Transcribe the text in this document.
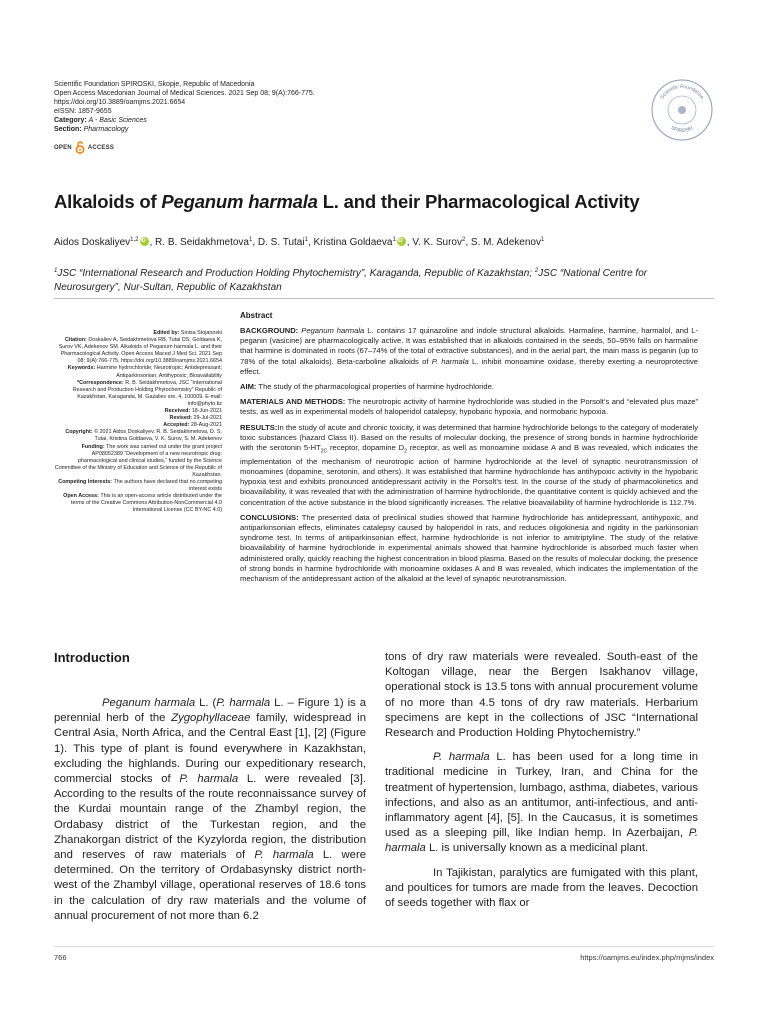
Scientific Foundation SPIROSKI, Skopje, Republic of Macedonia
Open Access Macedonian Journal of Medical Sciences. 2021 Sep 08; 9(A):766-775.
https://doi.org/10.3889/oamjms.2021.6654
eISSN: 1857-9655
Category: A - Basic Sciences
Section: Pharmacology
Scientific Foundation
SPIROSKI
OPEN	ACCESS
Alkaloids of Peganum harmala L. and their Pharmacological Activity
Aidos Doskaliyev$^{1,2}$ iD , R. B. Seidakhmetova$^1$, D. S. Tutai$^1$, Kristina Goldaeva$^1$ iD , V. K. Surov$^2$, S. M. Adekenov$^1$
$^1$JSC “International Research and Production Holding Phytochemistry”, Karaganda, Republic of Kazakhstan; $^2$JSC “National Centre for Neurosurgery”, Nur-Sultan, Republic of Kazakhstan
Edited by: Sinisa Stojanoski
Citation: Doskaliev A, Seidakhmetova RB, Tutai DS, Goldaeva K, Surov VK, Adekenov SM. Alkaloids of Peganum harmala L. and their Pharmacological Activity. Open Access Maced J Med Sci. 2021 Sep 08; 9(A):766-775. https://doi.org/10.3889/oamjms.2021.6654
Keywords: Harmine hydrochloride; Neurotropic; Antidepressant; Antiparkinsonian; Antihypoxic; Bioavailability
*Correspondence: R. B. Seidakhmetova, JSC “International Research and Production Holding Phytochemistry” Republic of Kazakhstan, Karaganda, M. Gazaliev sre. 4, 100009. E-mail: info@phyto.kz
Received: 18-Jun-2021
Revised: 29-Jul-2021
Accepted: 28-Aug-2021
Copyright: © 2021 Aidos Doskaliyev, R. B. Seidakhmetova, D. S. Tutai, Kristina Goldaeva, V. K. Surov, S. M. Adekenov
Funding: The work was carried out under the grant project AP08052389 “Development of a new neurotropic drug: pharmacological and clinical studies,” funded by the Science Committee of the Ministry of Education and Science of the Republic of Kazakhstan.
Competing Interests: The authors have declared that no competing interest exists
Open Access: This is an open-access article distributed under the terms of the Creative Commons Attribution-NonCommercial 4.0 International License (CC BY-NC 4.0)
Abstract

BACKGROUND: Peganum harmala L. contains 17 quinazoline and indole structural alkaloids. Harmaline, harmine, harmalol, and L-peganin (vasicine) are pharmacologically active. It was established that in alkaloids contained in the seeds, 50–95% falls on harmaline that harmine is dominated in roots (67–74% of the total of extractive substances), and in the aerial part, the main mass is peganin (up to 78% of the total alkaloids). Beta-carboline alkaloids of P. harmala L. inhibit monoamine oxidase, thereby exerting a neuroprotective effect.

AIM: The study of the pharmacological properties of harmine hydrochloride.

MATERIALS AND METHODS: The neurotropic activity of harmine hydrochloride was studied in the Porsolt’s and “elevated plus maze” tests, as well as in experimental models of haloperidol catalepsy, hypobaric hypoxia, and normobaric hypoxia.

RESULTS:In the study of acute and chronic toxicity, it was determined that harmine hydrochloride belongs to the category of moderately toxic substances (hazard Class II). Based on the results of molecular docking, the presence of strong bonds in harmine hydrochloride with the serotonin $5-HT_{2C}$ receptor, dopamine $D_2$ receptor, as well as monoamine oxidase A and B was revealed, which indicates the implementation of the mechanism of neurotropic action of harmine hydrochloride at the level of synaptic neurotransmission of monoamines (dopamine, serotonin, and others). It was established that harmine hydrochloride has antihypoxic activity in the hypobaric hypoxia test and exhibits pronounced antidepressant activity in the Porsolt’s test. In the course of the study of pharmacokinetics and bioavailability, it was revealed that with the administration of harmine hydrochloride, the quantitative content is quickly achieved and the concentration of the active substance in the blood significantly increases. The relative bioavailability of harmine hydrochloride is 112.7%.

CONCLUSIONS: The presented data of preclinical studies showed that harmine hydrochloride has antidepressant, antihypoxic, and antiparkinsonian effects, eliminates catalepsy caused by haloperidol in rats, and reduces oligokinesia and rigidity in the parkinsonian syndrome test. In terms of antiparkinsonian effect, harmine hydrochloride is not inferior to amitriptyline. The study of the relative bioavailability of harmine hydrochloride in experimental animals showed that harmine hydrochloride is absorbed much faster when administered orally, quickly reaching the highest concentration in blood plasma. Based on the results of molecular docking, the presence of strong bonds in harmine hydrochloride with monoamine oxidases A and B was revealed, which indicates the implementation of the mechanism of the antidepressant action of the alkaloid at the level of synaptic neurotransmission.

Introduction

Peganum harmala L. (P. harmala L. – Figure 1) is a perennial herb of the Zygophyllaceae family, widespread in Central Asia, North Africa, and the Central East [1], [2] (Figure 1). This type of plant is found everywhere in Kazakhstan, excluding the highlands. During our expeditionary research, commercial stocks of P. harmala L. were revealed [3]. According to the results of the route reconnaissance survey of the Kurdai mountain range of the Zhambyl region, the Ordabasy district of the Turkestan region, and the Zhanakorgan district of the Kyzylorda region, the distribution and reserves of raw materials of P. harmala L. were determined. On the territory of Ordabasynsky district north-west of the Zhambyl village, operational reserves of 18.6 tons in the calculation of dry raw materials and the volume of annual procurement of not more than 6.2

tons of dry raw materials were revealed. South-east of the Koltogan village, near the Bergen Isakhanov village, operational stock is 13.5 tons with annual procurement volume of no more than 4.5 tons of dry raw materials. Herbarium specimens are kept in the collections of JSC “International Research and Production Holding Phytochemistry.”

P. harmala L. has been used for a long time in traditional medicine in Turkey, Iran, and China for the treatment of hypertension, lumbago, asthma, diabetes, various infections, and also as an antitumor, anti-infectious, and anti-inflammatory agent [4], [5]. In the Caucasus, it is sometimes used as a sleeping pill, like Indian hemp. In Azerbaijan, P. harmala L. is universally known as a medicinal plant.

In Tajikistan, paralytics are fumigated with this plant, and poultices for tumors are made from the leaves. Decoction of seeds together with flax or

766	https://oamjms.eu/index.php/mjms/index
